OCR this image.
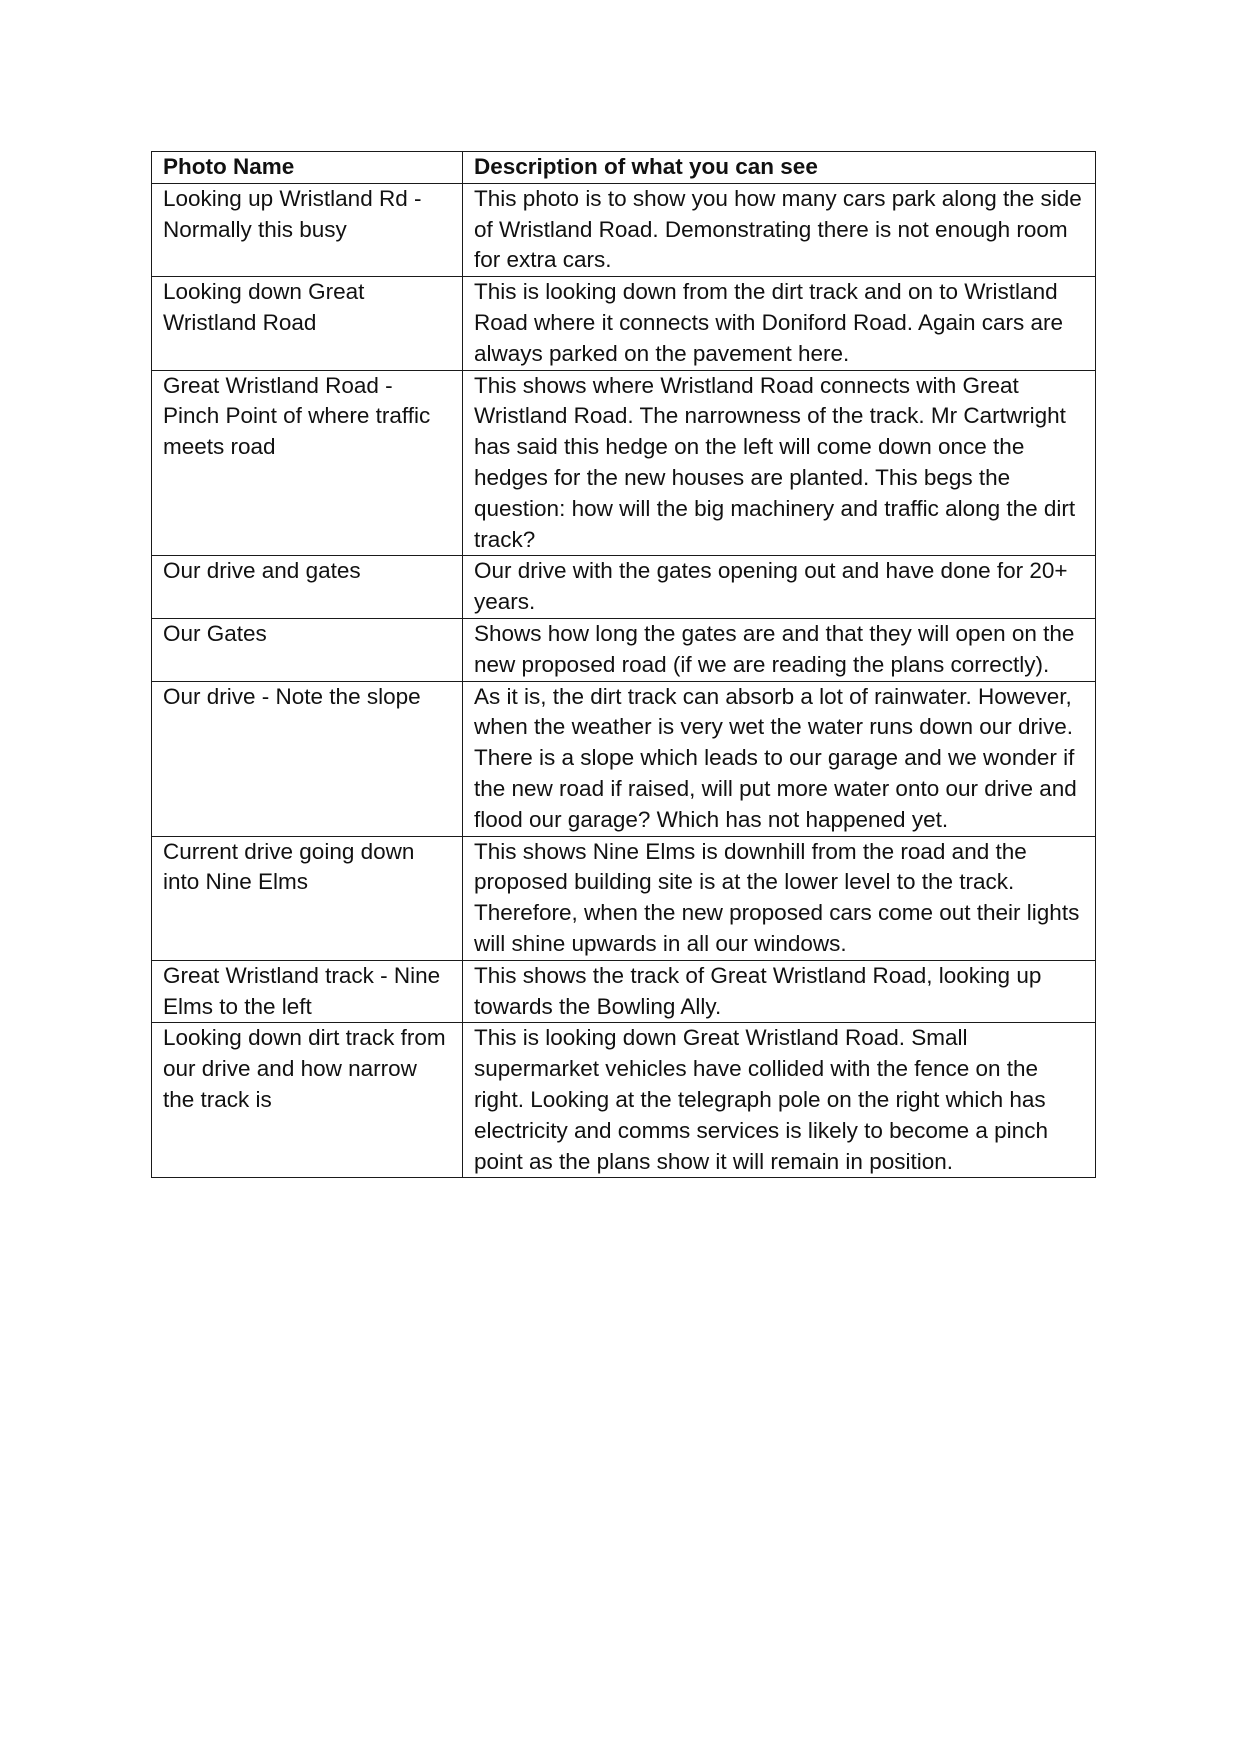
Photo Name	Description of what you can see
Looking up Wristland Rd - Normally this busy	This photo is to show you how many cars park along the side of Wristland Road. Demonstrating there is not enough room for extra cars.
Looking down Great Wristland Road	This is looking down from the dirt track and on to Wristland Road where it connects with Doniford Road. Again cars are always parked on the pavement here.
Great Wristland Road - Pinch Point of where traffic meets road	This shows where Wristland Road connects with Great Wristland Road. The narrowness of the track. Mr Cartwright has said this hedge on the left will come down once the hedges for the new houses are planted. This begs the question: how will the big machinery and traffic along the dirt track?
Our drive and gates	Our drive with the gates opening out and have done for 20+ years.
Our Gates	Shows how long the gates are and that they will open on the new proposed road (if we are reading the plans correctly).
Our drive - Note the slope	As it is, the dirt track can absorb a lot of rainwater. However, when the weather is very wet the water runs down our drive. There is a slope which leads to our garage and we wonder if the new road if raised, will put more water onto our drive and flood our garage? Which has not happened yet.
Current drive going down into Nine Elms	This shows Nine Elms is downhill from the road and the proposed building site is at the lower level to the track. Therefore, when the new proposed cars come out their lights will shine upwards in all our windows.
Great Wristland track - Nine Elms to the left	This shows the track of Great Wristland Road, looking up towards the Bowling Ally.
Looking down dirt track from our drive and how narrow the track is	This is looking down Great Wristland Road. Small supermarket vehicles have collided with the fence on the right. Looking at the telegraph pole on the right which has electricity and comms services is likely to become a pinch point as the plans show it will remain in position.
